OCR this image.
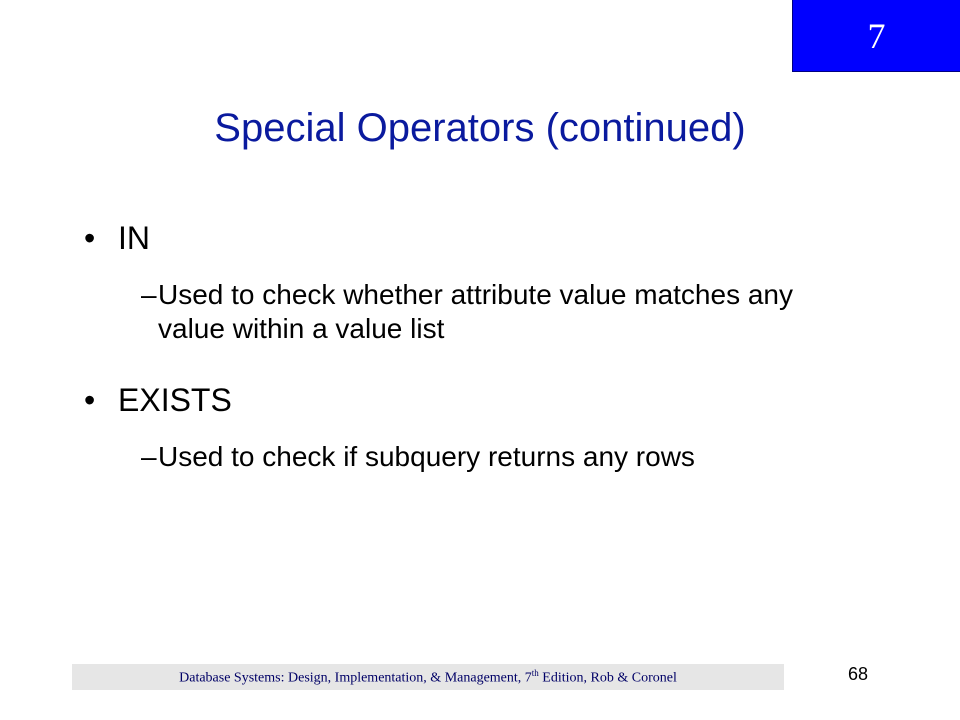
7
Special Operators (continued)
• IN
– Used to check whether attribute value matches any value within a value list
• EXISTS
– Used to check if subquery returns any rows
Database Systems: Design, Implementation, & Management, 7th Edition, Rob & Coronel	68
